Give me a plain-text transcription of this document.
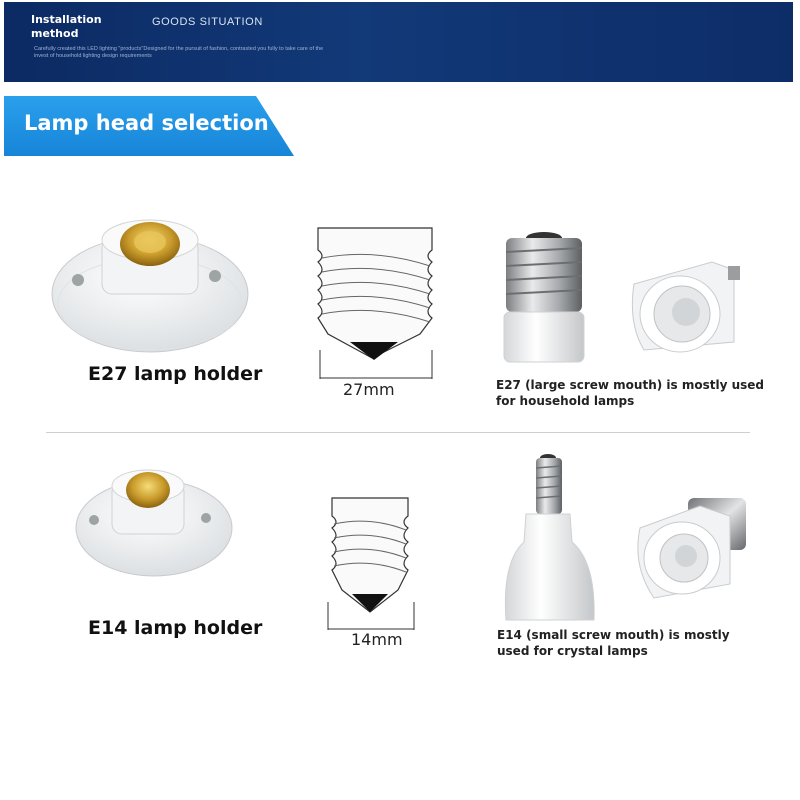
Installation method
GOODS SITUATION
Carefully created this LED lighting "products"Designed for the pursuit of fashion, contrasted you fully to take care of the invest of household lighting design requirements
Lamp head selection
E27 lamp holder
27mm	E27 (large screw mouth) is mostly used for household lamps
E14 lamp holder
14mm	E14 (small screw mouth) is mostly used for crystal lamps
